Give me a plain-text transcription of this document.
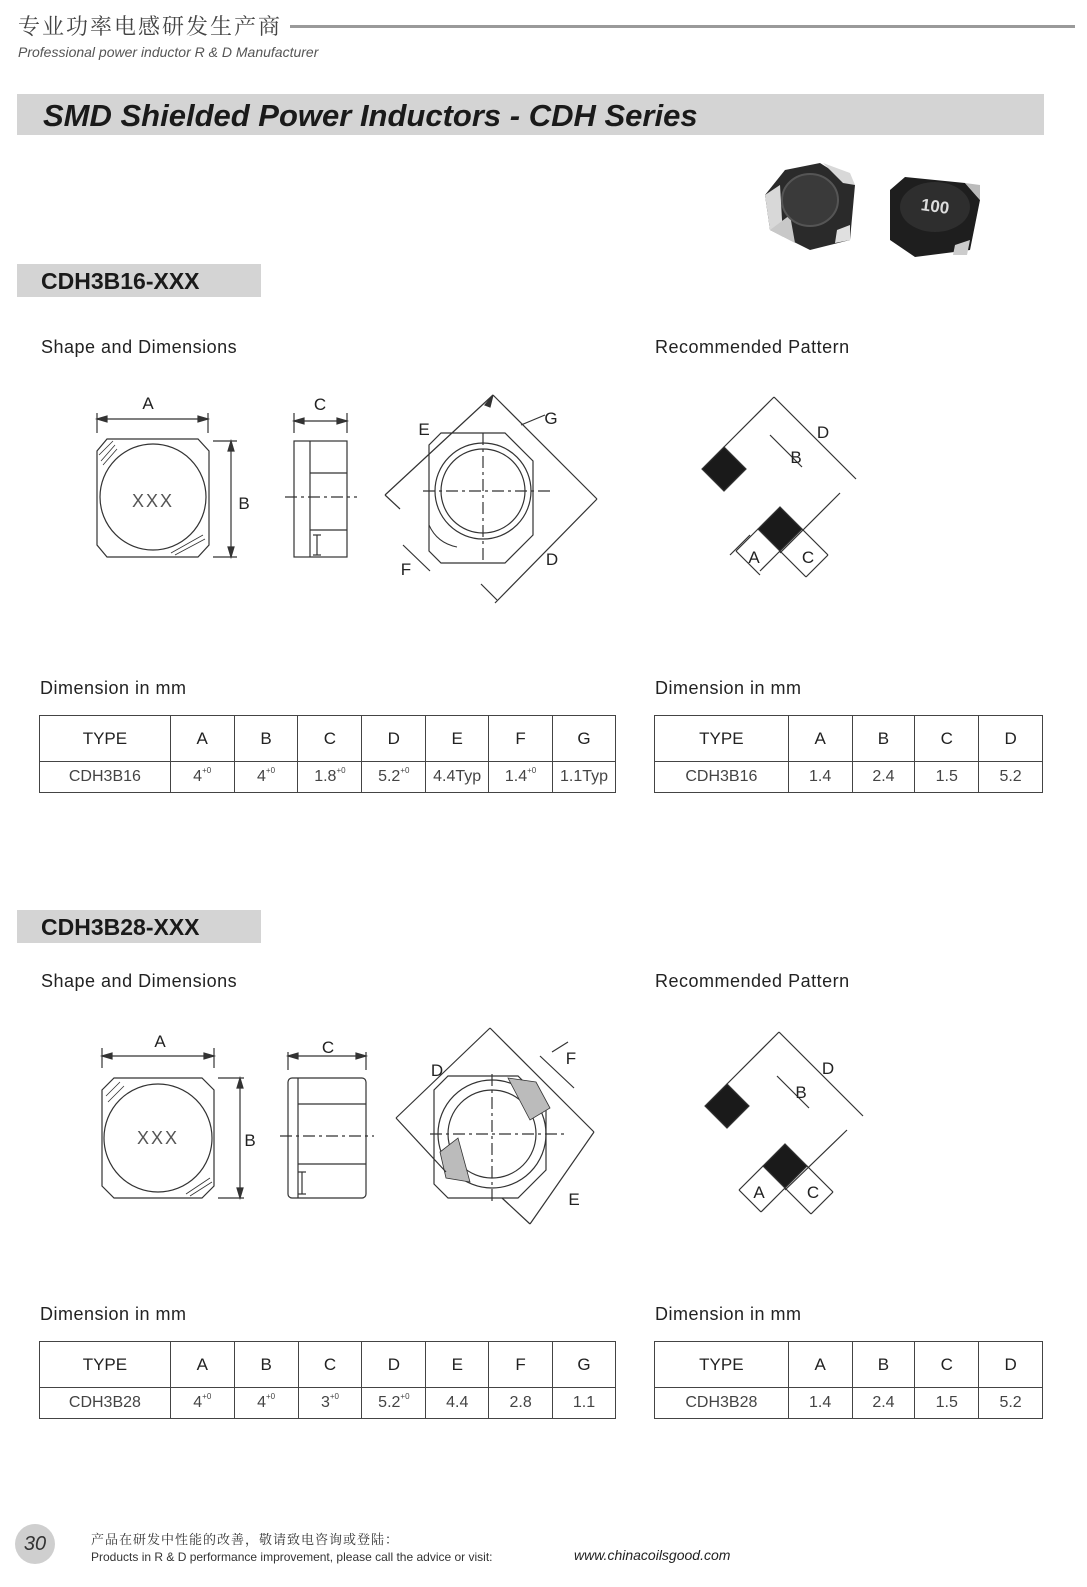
专业功率电感研发生产商
Professional power inductor R & D Manufacturer
SMD Shielded Power Inductors - CDH Series
100
CDH3B16-XXX
Shape and Dimensions	Recommended Pattern
A
B
C
D
E
F
G
XXX
D
B
A C
Dimension in mm	Dimension in mm
TYPE	A	B	C	D	E	F	G
CDH3B16	$4^{+0}$	$4^{+0}$	$1.8^{+0}$	$5.2^{+0}$	4.4Typ	$1.4^{+0}$	1.1Typ
TYPE	A	B	C	D
CDH3B16	1.4	2.4	1.5	5.2
CDH3B28-XXX
Shape and Dimensions	Recommended Pattern
A
B
C
D
E
F
XXX
D
B
A C
Dimension in mm	Dimension in mm
TYPE	A	B	C	D	E	F	G
CDH3B28	$4^{+0}$	$4^{+0}$	$3^{+0}$	$5.2^{+0}$	4.4	2.8	1.1
TYPE	A	B	C	D
CDH3B28	1.4	2.4	1.5	5.2
30	产品在研发中性能的改善，敬请致电咨询或登陆：
Products in R & D performance improvement, please call the advice or visit:	www.chinacoilsgood.com
